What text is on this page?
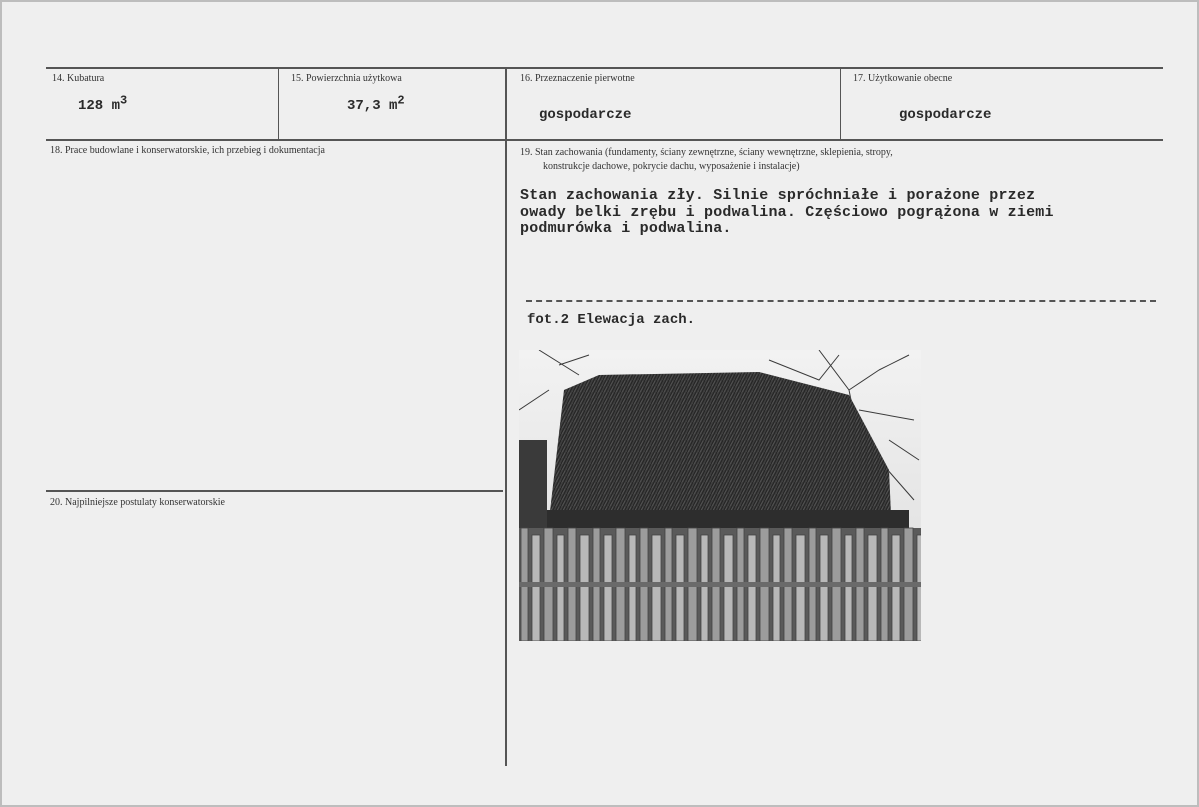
14. Kubatura
128 $m^3$
15. Powierzchnia użytkowa
37,3 $m^2$
16. Przeznaczenie pierwotne
gospodarcze
17. Użytkowanie obecne
gospodarcze
18. Prace budowlane i konserwatorskie, ich przebieg i dokumentacja	19. Stan zachowania (fundamenty, ściany zewnętrzne, ściany wewnętrzne, sklepienia, stropy,
konstrukcje dachowe, pokrycie dachu, wyposażenie i instalacje)
Stan zachowania zły. Silnie spróchniałe i porażone przez
owady belki zrębu i podwalina. Częściowo pogrążona w ziemi
podmurówka i podwalina.
fot.2 Elewacja zach.
20. Najpilniejsze postulaty konserwatorskie
